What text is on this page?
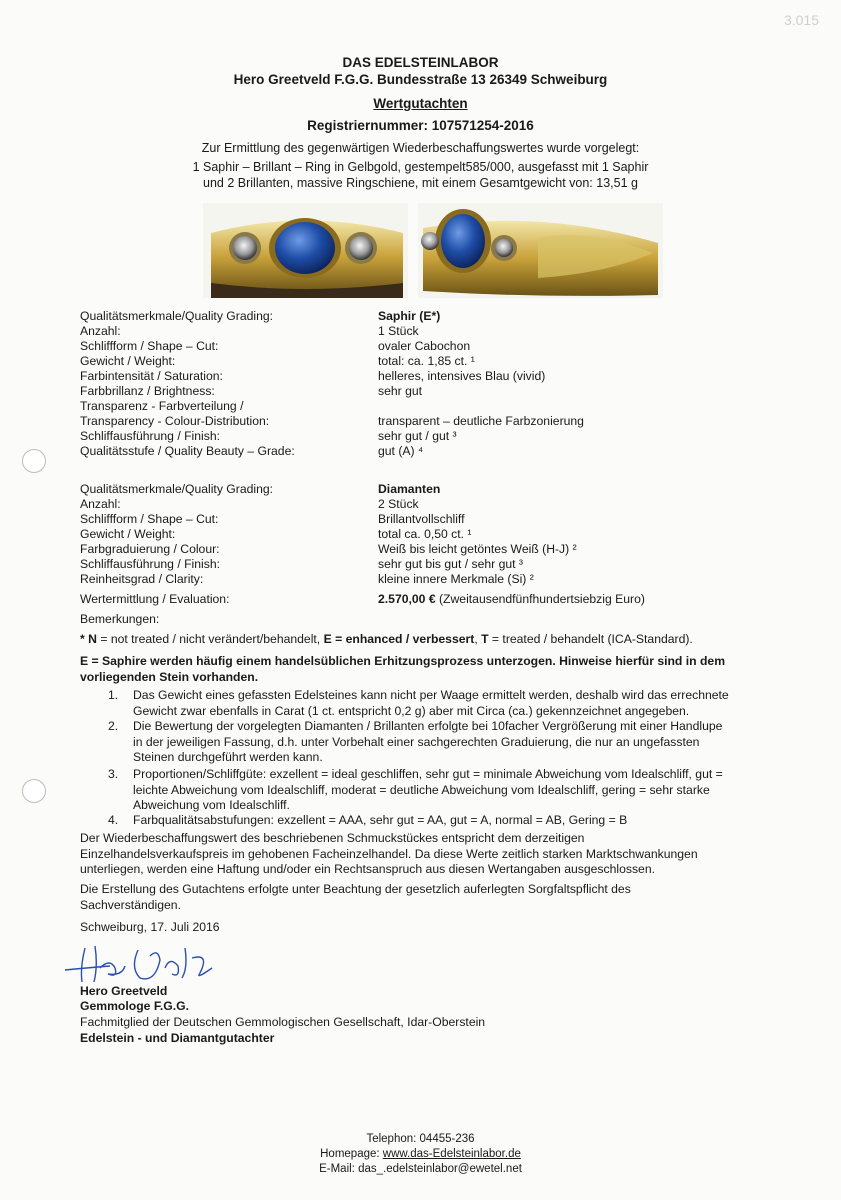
3.015
DAS EDELSTEINLABOR
Hero Greetveld F.G.G. Bundesstraße 13 26349 Schweiburg
Wertgutachten
Registriernummer: 107571254-2016
Zur Ermittlung des gegenwärtigen Wiederbeschaffungswertes wurde vorgelegt:
1 Saphir – Brillant – Ring in Gelbgold, gestempelt585/000, ausgefasst mit 1 Saphir
und 2 Brillanten, massive Ringschiene, mit einem Gesamtgewicht von: 13,51 g
Qualitätsmerkmale/Quality Grading:
Anzahl:
Schliffform / Shape – Cut:
Gewicht / Weight:
Farbintensität / Saturation:
Farbbrillanz / Brightness:
Transparenz - Farbverteilung /
Transparency - Colour-Distribution:
Schliffausführung / Finish:
Qualitätsstufe / Quality Beauty – Grade:
Saphir (E*)
1 Stück
ovaler Cabochon
total: ca. 1,85 ct. ¹
helleres, intensives Blau (vivid)
sehr gut
transparent – deutliche Farbzonierung
sehr gut / gut ³
gut (A) ⁴
Qualitätsmerkmale/Quality Grading:
Anzahl:
Schliffform / Shape – Cut:
Gewicht / Weight:
Farbgraduierung / Colour:
Schliffausführung / Finish:
Reinheitsgrad / Clarity:
Diamanten
2 Stück
Brillantvollschliff
total ca. 0,50 ct. ¹
Weiß bis leicht getöntes Weiß (H-J) ²
sehr gut bis gut / sehr gut ³
kleine innere Merkmale (Si) ²
Wertermittlung / Evaluation:	2.570,00 € (Zweitausendfünfhundertsiebzig Euro)
Bemerkungen:
* N = not treated / nicht verändert/behandelt, E = enhanced / verbessert, T = treated / behandelt (ICA-Standard).
E = Saphire werden häufig einem handelsüblichen Erhitzungsprozess unterzogen. Hinweise hierfür sind in dem
vorliegenden Stein vorhanden.
1. Das Gewicht eines gefassten Edelsteines kann nicht per Waage ermittelt werden, deshalb wird das errechnete
Gewicht zwar ebenfalls in Carat (1 ct. entspricht 0,2 g) aber mit Circa (ca.) gekennzeichnet angegeben.
2. Die Bewertung der vorgelegten Diamanten / Brillanten erfolgte bei 10facher Vergrößerung mit einer Handlupe
in der jeweiligen Fassung, d.h. unter Vorbehalt einer sachgerechten Graduierung, die nur an ungefassten
Steinen durchgeführt werden kann.
3. Proportionen/Schliffgüte: exzellent = ideal geschliffen, sehr gut = minimale Abweichung vom Idealschliff, gut =
leichte Abweichung vom Idealschliff, moderat = deutliche Abweichung vom Idealschliff, gering = sehr starke
Abweichung vom Idealschliff.
4. Farbqualitätsabstufungen: exzellent = AAA, sehr gut = AA, gut = A, normal = AB, Gering = B
Der Wiederbeschaffungswert des beschriebenen Schmuckstückes entspricht dem derzeitigen
Einzelhandelsverkaufspreis im gehobenen Facheinzelhandel. Da diese Werte zeitlich starken Marktschwankungen
unterliegen, werden eine Haftung und/oder ein Rechtsanspruch aus diesen Wertangaben ausgeschlossen.
Die Erstellung des Gutachtens erfolgte unter Beachtung der gesetzlich auferlegten Sorgfaltspflicht des
Sachverständigen.
Schweiburg, 17. Juli 2016
Hero Greetveld
Gemmologe F.G.G.
Fachmitglied der Deutschen Gemmologischen Gesellschaft, Idar-Oberstein
Edelstein - und Diamantgutachter
Telephon: 04455-236
Homepage: www.das-Edelsteinlabor.de
E-Mail: das_.edelsteinlabor@ewetel.net
